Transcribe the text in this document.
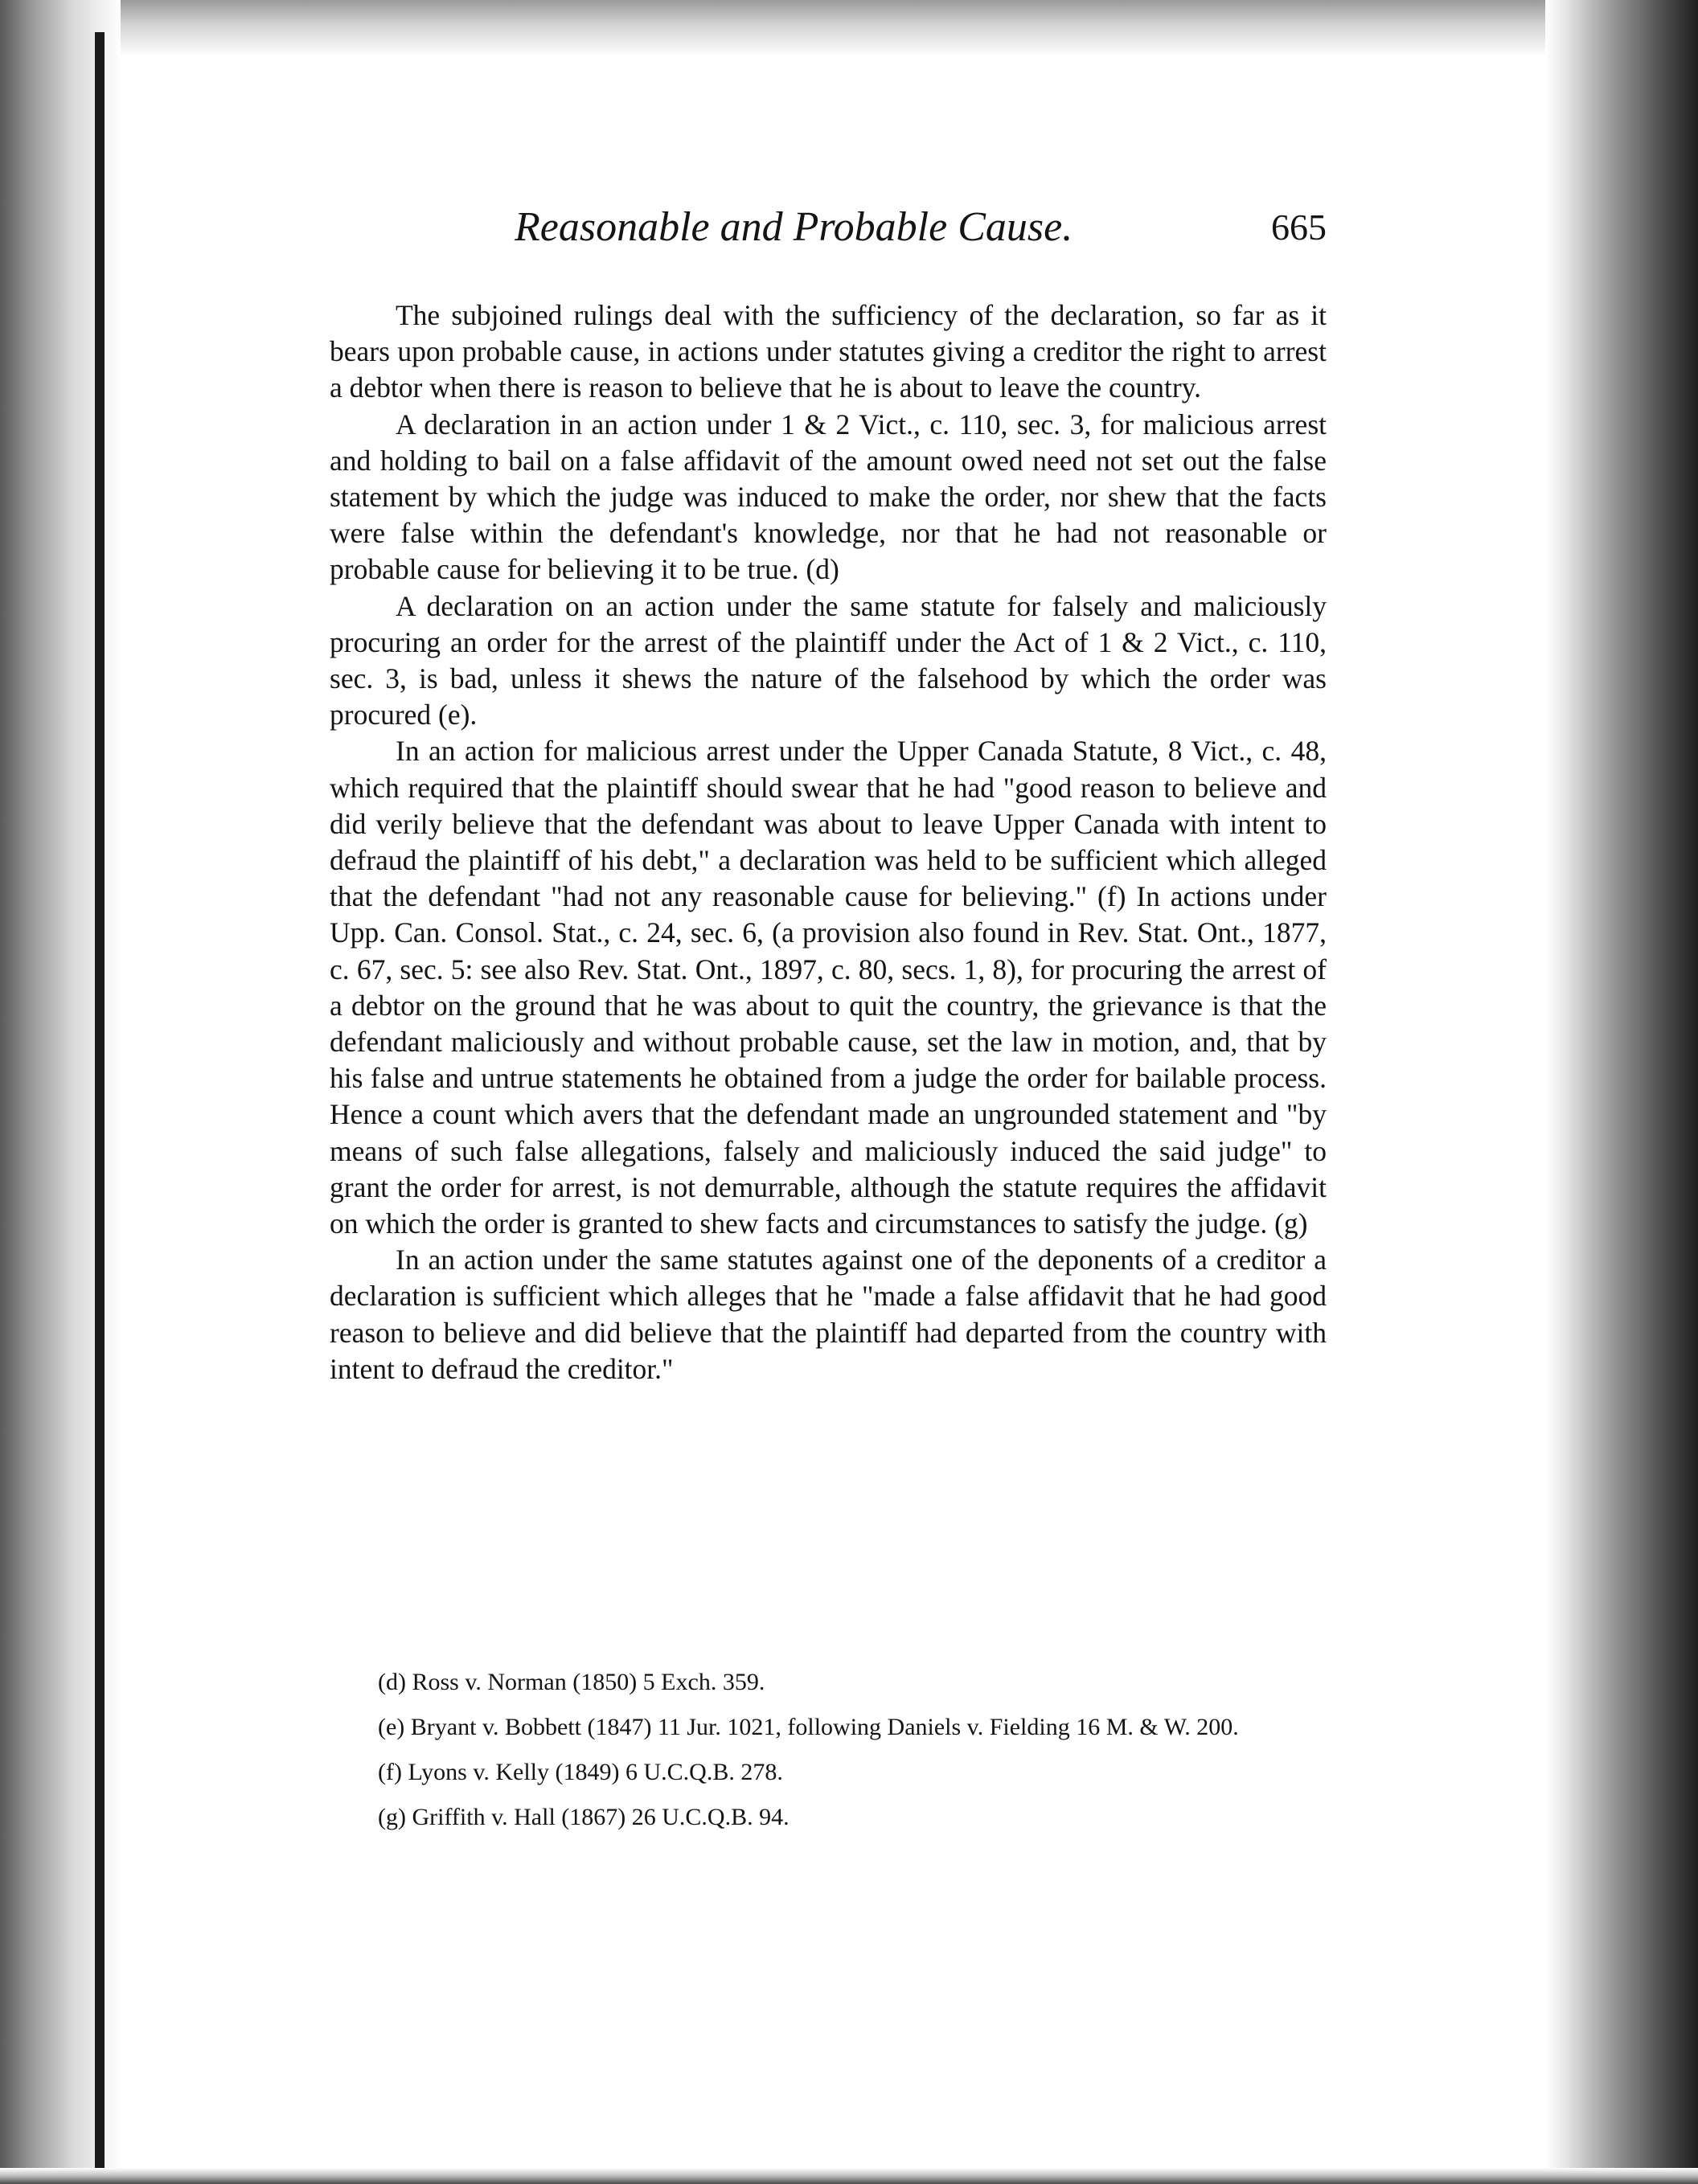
Reasonable and Probable Cause.	665

The subjoined rulings deal with the sufficiency of the declaration, so far as it bears upon probable cause, in actions under statutes giving a creditor the right to arrest a debtor when there is reason to believe that he is about to leave the country.

A declaration in an action under 1 & 2 Vict., c. 110, sec. 3, for malicious arrest and holding to bail on a false affidavit of the amount owed need not set out the false statement by which the judge was induced to make the order, nor shew that the facts were false within the defendant's knowledge, nor that he had not reasonable or probable cause for believing it to be true. (d)

A declaration on an action under the same statute for falsely and maliciously procuring an order for the arrest of the plaintiff under the Act of 1 & 2 Vict., c. 110, sec. 3, is bad, unless it shews the nature of the falsehood by which the order was procured (e).

In an action for malicious arrest under the Upper Canada Statute, 8 Vict., c. 48, which required that the plaintiff should swear that he had "good reason to believe and did verily believe that the defendant was about to leave Upper Canada with intent to defraud the plaintiff of his debt," a declaration was held to be sufficient which alleged that the defendant "had not any reasonable cause for believing." (f) In actions under Upp. Can. Consol. Stat., c. 24, sec. 6, (a provision also found in Rev. Stat. Ont., 1877, c. 67, sec. 5: see also Rev. Stat. Ont., 1897, c. 80, secs. 1, 8), for procuring the arrest of a debtor on the ground that he was about to quit the country, the grievance is that the defendant maliciously and without probable cause, set the law in motion, and, that by his false and untrue statements he obtained from a judge the order for bailable process. Hence a count which avers that the defendant made an ungrounded statement and "by means of such false allegations, falsely and maliciously induced the said judge" to grant the order for arrest, is not demurrable, although the statute requires the affidavit on which the order is granted to shew facts and circumstances to satisfy the judge. (g)

In an action under the same statutes against one of the deponents of a creditor a declaration is sufficient which alleges that he "made a false affidavit that he had good reason to believe and did believe that the plaintiff had departed from the country with intent to defraud the creditor."

(d) Ross v. Norman (1850) 5 Exch. 359.

(e) Bryant v. Bobbett (1847) 11 Jur. 1021, following Daniels v. Fielding 16 M. & W. 200.

(f) Lyons v. Kelly (1849) 6 U.C.Q.B. 278.

(g) Griffith v. Hall (1867) 26 U.C.Q.B. 94.
